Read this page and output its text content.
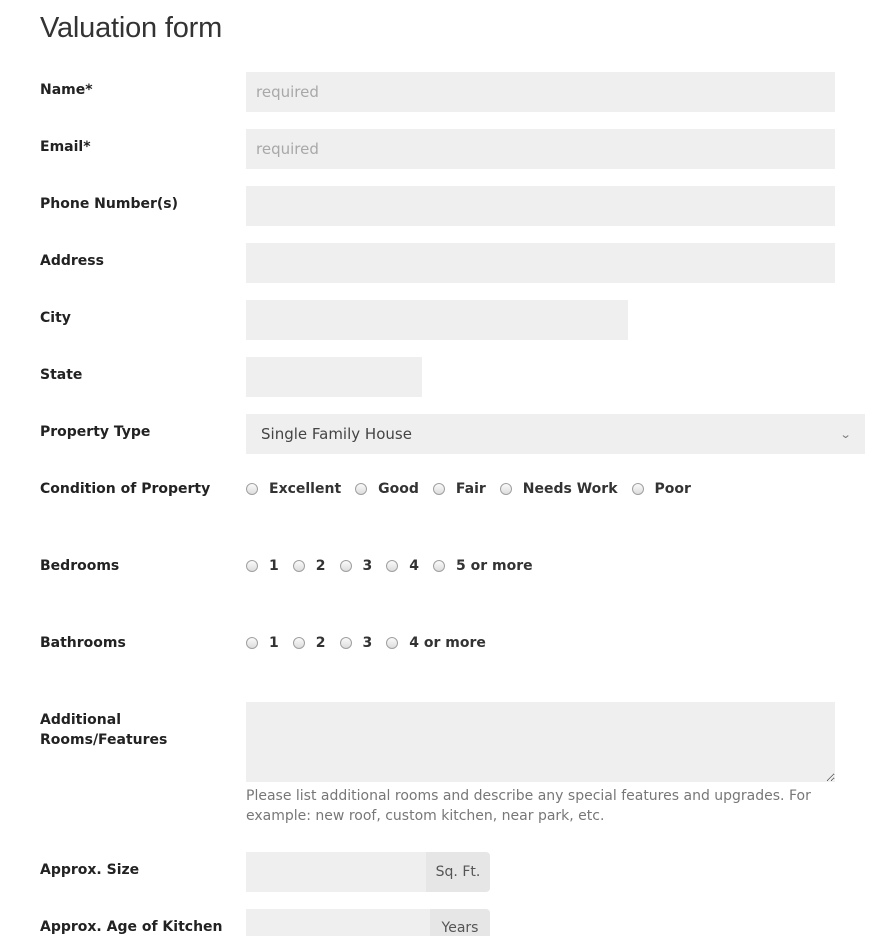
Valuation form
Name*
required
Email*
required
Phone Number(s)
Address
City
State
Property Type	Single Family House	⌄
Condition of Property	Excellent	Good	Fair	Needs Work	Poor
Bedrooms	1	2	3	4	5 or more
Bathrooms	1	2	3	4 or more
Additional
Rooms/Features
Please list additional rooms and describe any special features and upgrades. For example: new roof, custom kitchen, near park, etc.
Approx. Size	Sq. Ft.
Approx. Age of Kitchen	Years
